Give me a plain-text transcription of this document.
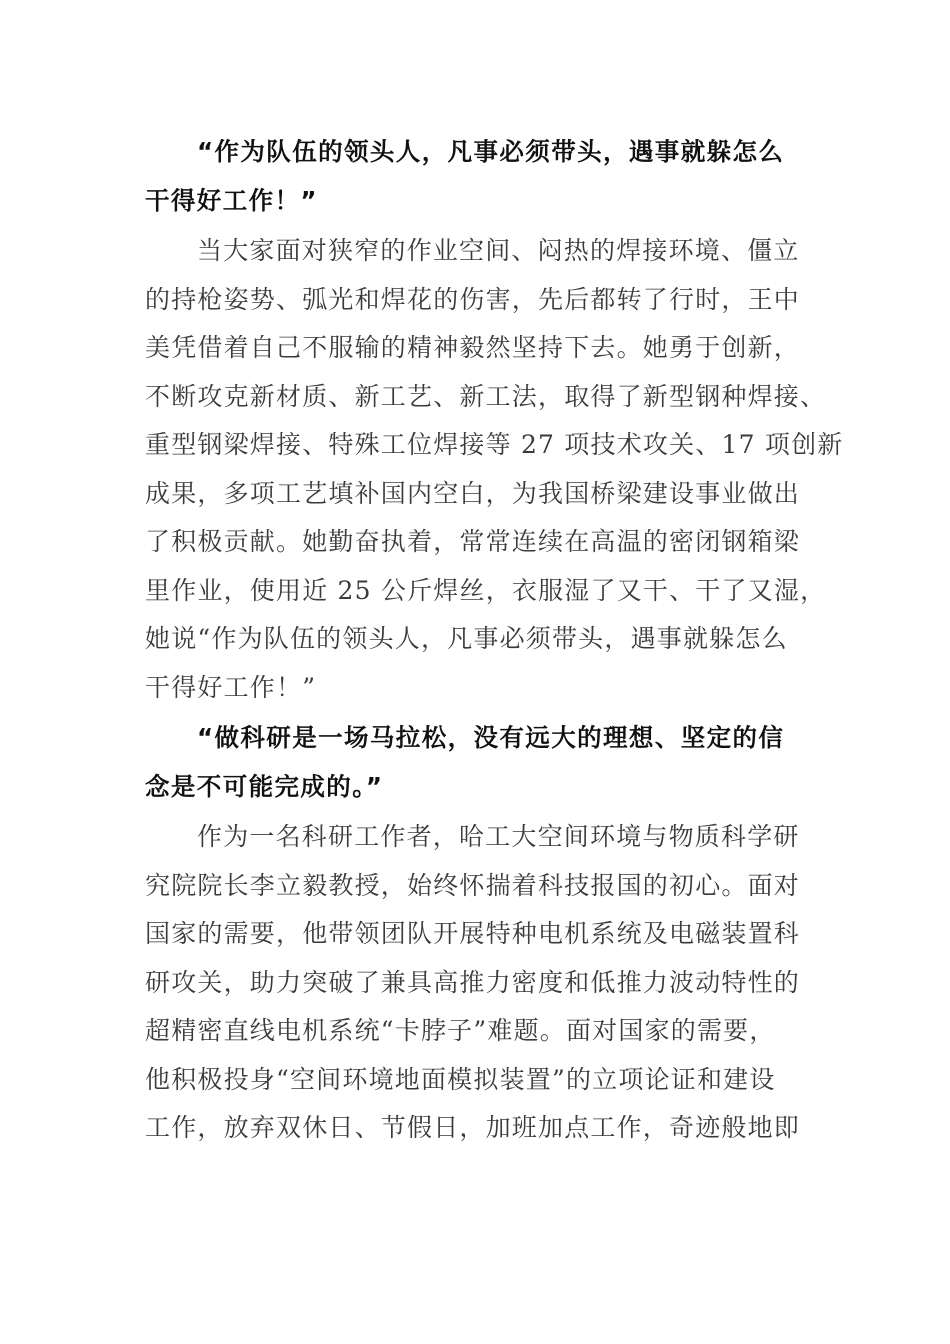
“作为队伍的领头人，凡事必须带头，遇事就躲怎么
干得好工作！”

当大家面对狭窄的作业空间、闷热的焊接环境、僵立
的持枪姿势、弧光和焊花的伤害，先后都转了行时，王中
美凭借着自己不服输的精神毅然坚持下去。她勇于创新，
不断攻克新材质、新工艺、新工法，取得了新型钢种焊接、
重型钢梁焊接、特殊工位焊接等 27 项技术攻关、17 项创新
成果，多项工艺填补国内空白，为我国桥梁建设事业做出
了积极贡献。她勤奋执着，常常连续在高温的密闭钢箱梁
里作业，使用近 25 公斤焊丝，衣服湿了又干、干了又湿，
她说“作为队伍的领头人，凡事必须带头，遇事就躲怎么
干得好工作！”

“做科研是一场马拉松，没有远大的理想、坚定的信
念是不可能完成的。”

作为一名科研工作者，哈工大空间环境与物质科学研
究院院长李立毅教授，始终怀揣着科技报国的初心。面对
国家的需要，他带领团队开展特种电机系统及电磁装置科
研攻关，助力突破了兼具高推力密度和低推力波动特性的
超精密直线电机系统“卡脖子”难题。面对国家的需要，
他积极投身“空间环境地面模拟装置”的立项论证和建设
工作，放弃双休日、节假日，加班加点工作，奇迹般地即
